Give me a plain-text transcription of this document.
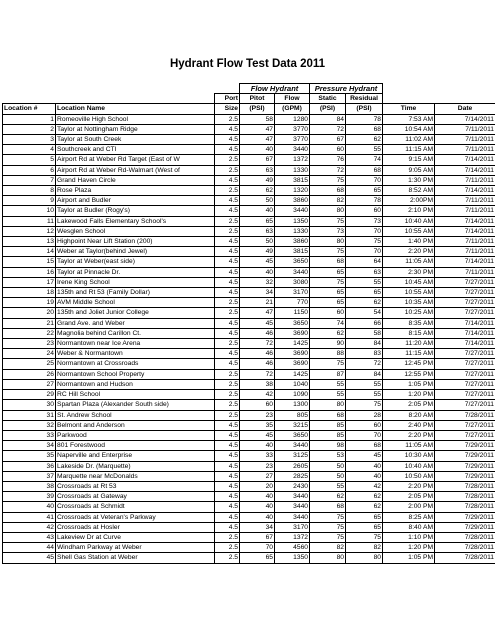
Hydrant Flow Test Data 2011
			Flow Hydrant		Pressure Hydrant			
		Port	Pitot	Flow	Static	Residual		
Location #	Location Name	Size	(PSI)	(GPM)	(PSI)	(PSI)	Time	Date
1	Romeoville High School	2.5	58	1280	84	78	7:53 AM	7/14/2011
2	Taylor at Nottingham Ridge	4.5	47	3770	72	68	10:54 AM	7/11/2011
3	Taylor at South Creek	4.5	47	3770	67	62	11:02 AM	7/11/2011
4	Southcreek and CTI	4.5	40	3440	60	55	11:15 AM	7/11/2011
5	Airport Rd at Weber Rd Target (East of W	2.5	67	1372	76	74	9:15 AM	7/14/2011
6	Airport Rd at Weber Rd-Walmart (West of	2.5	63	1330	72	68	9:05 AM	7/14/2011
7	Grand Haven Circle	4.5	49	3815	75	70	1:30 PM	7/11/2011
8	Rose Plaza	2.5	62	1320	68	65	8:52 AM	7/14/2011
9	Airport and Budler	4.5	50	3860	82	78	2:00PM	7/11/2011
10	Taylor at Budler (Rogy's)	4.5	40	3440	80	60	2:10 PM	7/11/2011
11	Lakewood Falls Elementary School's	2.5	65	1350	75	73	10:40 AM	7/14/2011
12	Wesglen School	2.5	63	1330	73	70	10:55 AM	7/14/2011
13	Highpoint Near Lift Station (200)	4.5	50	3860	80	75	1:40 PM	7/11/2011
14	Weber at Taylor(behind Jewel)	4.5	49	3815	75	70	2:20 PM	7/11/2011
15	Taylor at Weber(east side)	4.5	45	3650	68	64	11:05 AM	7/14/2011
16	Taylor at Pinnacle Dr.	4.5	40	3440	65	63	2:30 PM	7/11/2011
17	Irene King School	4.5	32	3080	75	55	10:45 AM	7/27/2011
18	135th and Rt 53 (Family Dollar)	4.5	34	3170	65	65	10:55 AM	7/27/2011
19	AVM Middle School	2.5	21	770	65	62	10:35 AM	7/27/2011
20	135th and Joliet Junior College	2.5	47	1150	60	54	10:25 AM	7/27/2011
21	Grand Ave. and Weber	4.5	45	3650	74	66	8:35 AM	7/14/2011
22	Magnolia behind Carillon Ct.	4.5	46	3690	62	58	8:15 AM	7/14/2011
23	Normantown near Ice Arena	2.5	72	1425	90	84	11:20 AM	7/14/2011
24	Weber & Normantown	4.5	46	3690	88	83	11:15 AM	7/27/2011
25	Normantown at Crossroads	4.5	46	3690	75	72	12:45 PM	7/27/2011
26	Normantown School Property	2.5	72	1425	87	84	12:55 PM	7/27/2011
27	Normantown and Hudson	2.5	38	1040	55	55	1:05 PM	7/27/2011
29	RC Hill School	2.5	42	1090	55	55	1:20 PM	7/27/2011
30	Spartan Plaza (Alexander South side)	2.5	60	1300	80	75	2:05 PM	7/27/2011
31	St. Andrew School	2.5	23	805	68	28	8:20 AM	7/28/2011
32	Belmont and Anderson	4.5	35	3215	85	60	2:40 PM	7/27/2011
33	Parkwood	4.5	45	3650	85	70	2:20 PM	7/27/2011
34	801 Forestwood	4.5	40	3440	98	68	11:05 AM	7/29/2011
35	Naperville and Enterprise	4.5	33	3125	53	45	10:30 AM	7/29/2011
36	Lakeside Dr. (Marquette)	4.5	23	2605	50	40	10:40 AM	7/29/2011
37	Marquette near McDonalds	4.5	27	2825	50	40	10:50 AM	7/29/2011
38	Crossroads at Rt 53	4.5	20	2430	55	42	2:20 PM	7/28/2011
39	Crossroads at Gateway	4.5	40	3440	62	62	2:05 PM	7/28/2011
40	Crossroads at Schmidt	4.5	40	3440	68	62	2:00 PM	7/28/2011
41	Crossroads at Veteran's Parkway	4.5	40	3440	75	65	8:25 AM	7/29/2011
42	Crossroads at Hosler	4.5	34	3170	75	65	8:40 AM	7/29/2011
43	Lakeview Dr at Curve	2.5	67	1372	75	75	1:10 PM	7/28/2011
44	Windham Parkway at Weber	2.5	70	4560	82	82	1:20 PM	7/28/2011
45	Shell Gas Station at Weber	2.5	65	1350	80	80	1:05 PM	7/28/2011
